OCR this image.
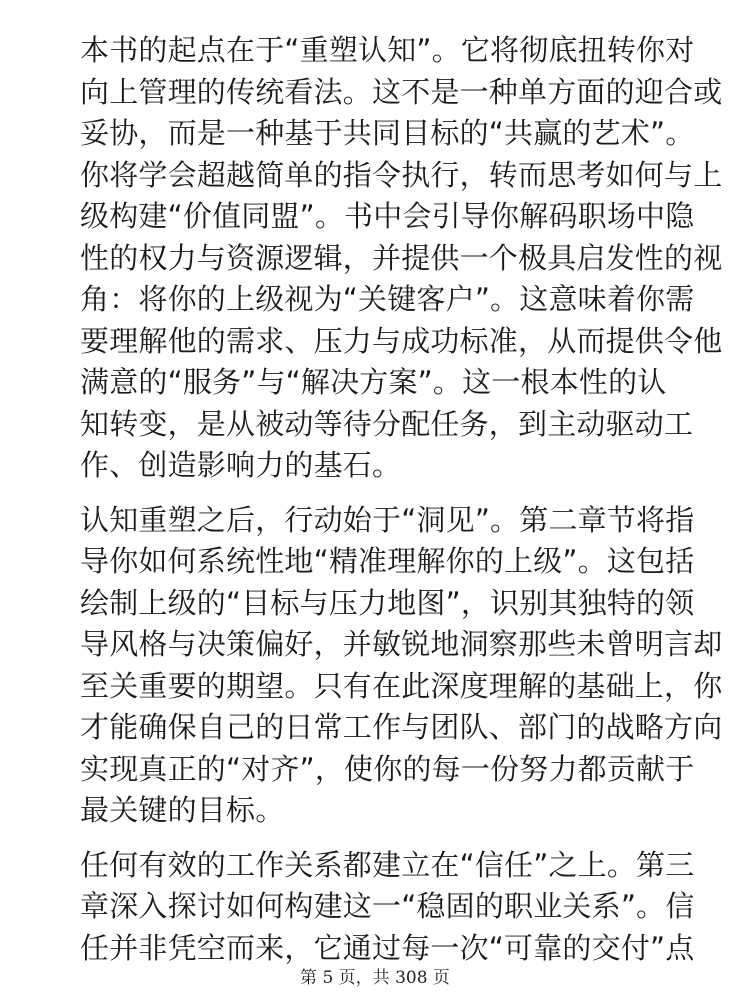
本书的起点在于“重塑认知”。它将彻底扭转你对
向上管理的传统看法。这不是一种单方面的迎合或
妥协，而是一种基于共同目标的“共赢的艺术”。
你将学会超越简单的指令执行，转而思考如何与上
级构建“价值同盟”。书中会引导你解码职场中隐
性的权力与资源逻辑，并提供一个极具启发性的视
角：将你的上级视为“关键客户”。这意味着你需
要理解他的需求、压力与成功标准，从而提供令他
满意的“服务”与“解决方案”。这一根本性的认
知转变，是从被动等待分配任务，到主动驱动工
作、创造影响力的基石。
认知重塑之后，行动始于“洞见”。第二章节将指
导你如何系统性地“精准理解你的上级”。这包括
绘制上级的“目标与压力地图”，识别其独特的领
导风格与决策偏好，并敏锐地洞察那些未曾明言却
至关重要的期望。只有在此深度理解的基础上，你
才能确保自己的日常工作与团队、部门的战略方向
实现真正的“对齐”，使你的每一份努力都贡献于
最关键的目标。
任何有效的工作关系都建立在“信任”之上。第三
章深入探讨如何构建这一“稳固的职业关系”。信
任并非凭空而来，它通过每一次“可靠的交付”点
第 5 页，共 308 页
